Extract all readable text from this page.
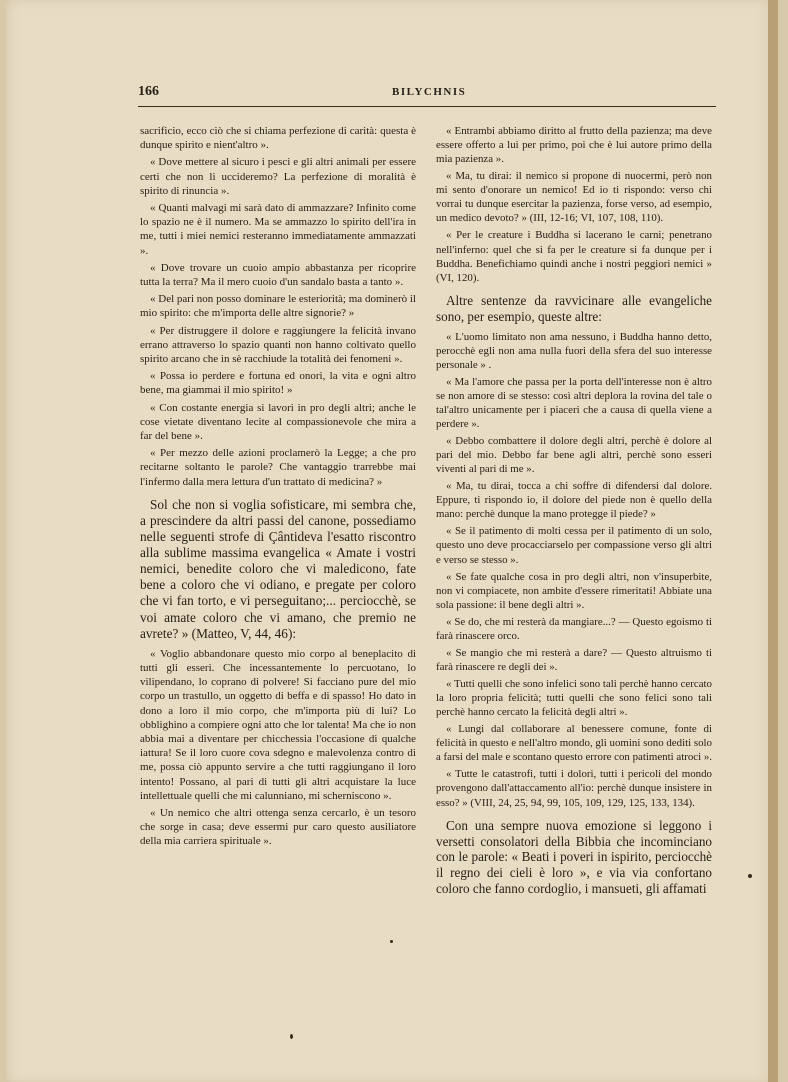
166	BILYCHNIS

sacrificio, ecco ciò che si chiama perfezione di carità: questa è dunque spirito e nient'altro ».

« Dove mettere al sicuro i pesci e gli altri animali per essere certi che non li uccideremo? La perfezione di moralità è spirito di rinuncia ».

« Quanti malvagi mi sarà dato di ammazzare? Infinito come lo spazio ne è il numero. Ma se ammazzo lo spirito dell'ira in me, tutti i miei nemici resteranno immediatamente ammazzati ».

« Dove trovare un cuoio ampio abbastanza per ricoprire tutta la terra? Ma il mero cuoio d'un sandalo basta a tanto ».

« Del pari non posso dominare le esteriorità; ma dominerò il mio spirito: che m'importa delle altre signorie? »

« Per distruggere il dolore e raggiungere la felicità invano errano attraverso lo spazio quanti non hanno coltivato quello spirito arcano che in sè racchiude la totalità dei fenomeni ».

« Possa io perdere e fortuna ed onori, la vita e ogni altro bene, ma giammai il mio spirito! »

« Con costante energia si lavori in pro degli altri; anche le cose vietate diventano lecite al compassionevole che mira a far del bene ».

« Per mezzo delle azioni proclamerò la Legge; a che pro recitarne soltanto le parole? Che vantaggio trarrebbe mai l'infermo dalla mera lettura d'un trattato di medicina? »

Sol che non si voglia sofisticare, mi sembra che, a prescindere da altri passi del canone, possediamo nelle seguenti strofe di Çântideva l'esatto riscontro alla sublime massima evangelica « Amate i vostri nemici, benedite coloro che vi maledicono, fate bene a coloro che vi odiano, e pregate per coloro che vi fan torto, e vi perseguitano;... perciocchè, se voi amate coloro che vi amano, che premio ne avrete? » (Matteo, V, 44, 46):

« Voglio abbandonare questo mio corpo al beneplacito di tutti gli esseri. Che incessantemente lo percuotano, lo vilipendano, lo coprano di polvere! Si facciano pure del mio corpo un trastullo, un oggetto di beffa e di spasso! Ho dato in dono a loro il mio corpo, che m'importa più di lui? Lo obblighino a compiere ogni atto che lor talenta! Ma che io non abbia mai a diventare per chicchessia l'occasione di qualche iattura! Se il loro cuore cova sdegno e malevolenza contro di me, possa ciò appunto servire a che tutti raggiungano il loro intento! Possano, al pari di tutti gli altri acquistare la luce intellettuale quelli che mi calunniano, mi scherniscono ».

« Un nemico che altri ottenga senza cercarlo, è un tesoro che sorge in casa; deve essermi pur caro questo ausiliatore della mia carriera spirituale ».

« Entrambi abbiamo diritto al frutto della pazienza; ma deve essere offerto a lui per primo, poi che è lui autore primo della mia pazienza ».

« Ma, tu dirai: il nemico si propone di nuocermi, però non mi sento d'onorare un nemico! Ed io ti rispondo: verso chi vorrai tu dunque esercitar la pazienza, forse verso, ad esempio, un medico devoto? » (III, 12-16; VI, 107, 108, 110).

« Per le creature i Buddha si lacerano le carni; penetrano nell'inferno: quel che si fa per le creature si fa dunque per i Buddha. Benefichiamo quindi anche i nostri peggiori nemici » (VI, 120).

Altre sentenze da ravvicinare alle evangeliche sono, per esempio, queste altre:

« L'uomo limitato non ama nessuno, i Buddha hanno detto, perocchè egli non ama nulla fuori della sfera del suo interesse personale » .

« Ma l'amore che passa per la porta dell'interesse non è altro se non amore di se stesso: così altri deplora la rovina del tale o tal'altro unicamente per i piaceri che a causa di quella viene a perdere ».

« Debbo combattere il dolore degli altri, perchè è dolore al pari del mio. Debbo far bene agli altri, perchè sono esseri viventi al pari di me ».

« Ma, tu dirai, tocca a chi soffre di difendersi dal dolore. Eppure, ti rispondo io, il dolore del piede non è quello della mano: perchè dunque la mano protegge il piede? »

« Se il patimento di molti cessa per il patimento di un solo, questo uno deve procacciarselo per compassione verso gli altri e verso se stesso ».

« Se fate qualche cosa in pro degli altri, non v'insuperbite, non vi compiacete, non ambite d'essere rimeritati! Abbiate una sola passione: il bene degli altri ».

« Se do, che mi resterà da mangiare...? — Questo egoismo ti farà rinascere orco.

« Se mangio che mi resterà a dare? — Questo altruismo ti farà rinascere re degli dei ».

« Tutti quelli che sono infelici sono tali perchè hanno cercato la loro propria felicità; tutti quelli che sono felici sono tali perchè hanno cercato la felicità degli altri ».

« Lungi dal collaborare al benessere comune, fonte di felicità in questo e nell'altro mondo, gli uomini sono dediti solo a farsi del male e scontano questo errore con patimenti atroci ».

« Tutte le catastrofi, tutti i dolori, tutti i pericoli del mondo provengono dall'attaccamento all'io: perchè dunque insistere in esso? » (VIII, 24, 25, 94, 99, 105, 109, 129, 125, 133, 134).

Con una sempre nuova emozione si leggono i versetti consolatori della Bibbia che incominciano con le parole: « Beati i poveri in ispirito, perciocchè il regno dei cieli è loro », e via via confortano coloro che fanno cordoglio, i mansueti, gli affamati
